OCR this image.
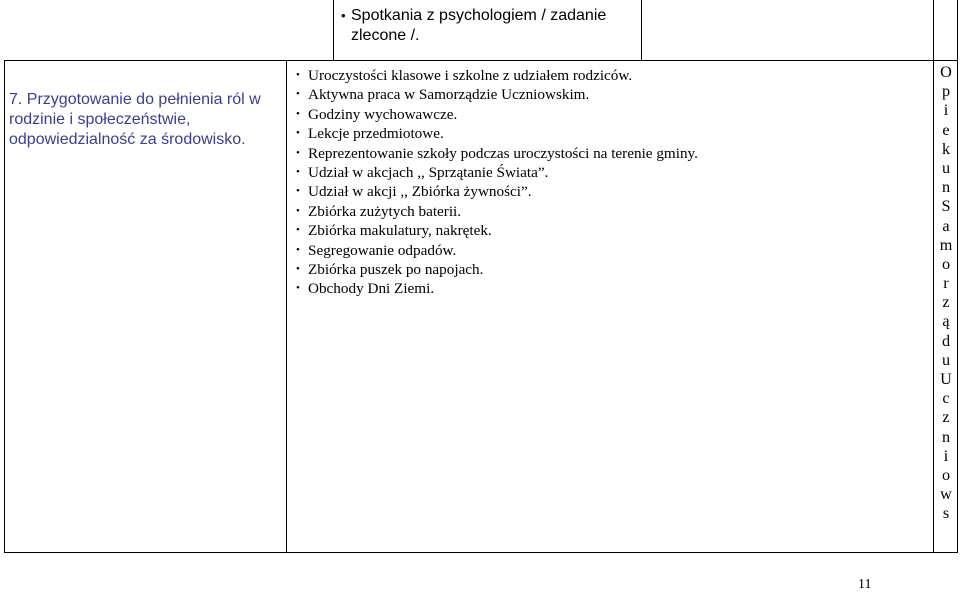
• Spotkania z psychologiem / zadanie zlecone /.
7. Przygotowanie do pełnienia ról w rodzinie i społeczeństwie, odpowiedzialność za środowisko.
• Uroczystości klasowe i szkolne z udziałem rodziców.
• Aktywna praca w Samorządzie Uczniowskim.
• Godziny wychowawcze.
• Lekcje przedmiotowe.
• Reprezentowanie szkoły podczas uroczystości na terenie gminy.
• Udział w akcjach ,, Sprzątanie Świata”.
• Udział w akcji ,, Zbiórka żywności”.
• Zbiórka zużytych baterii.
• Zbiórka makulatury, nakrętek.
• Segregowanie odpadów.
• Zbiórka puszek po napojach.
• Obchody Dni Ziemi.
O
p
i
e
k
u
n
S
a
m
o
r
z
ą
d
u
U
c
z
n
i
o
w
s
11
